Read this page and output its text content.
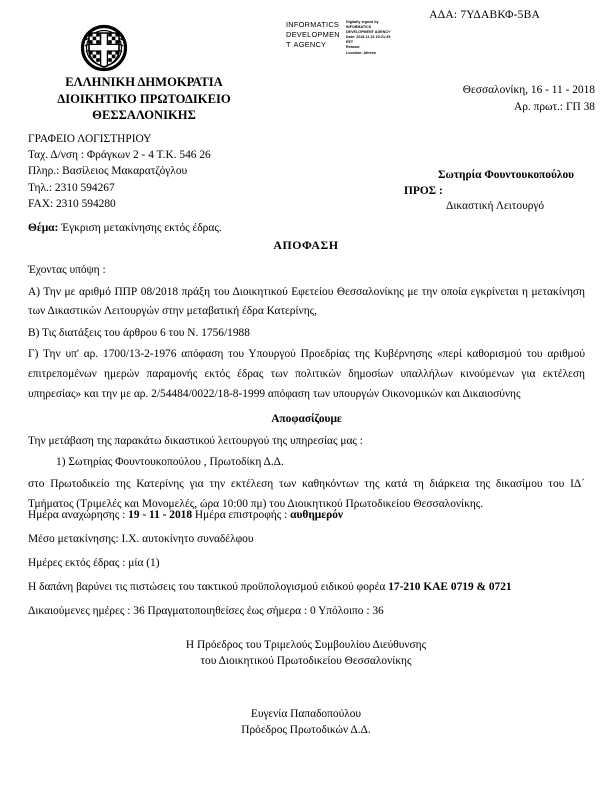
ΑΔΑ: 7ΥΔΑΒΚΦ-5ΒΑ
INFORMATICS
DEVELOPMEN
T AGENCY
Digitally signed by
INFORMATICS
DEVELOPMENT AGENCY
Date: 2018.11.16 15:21:35
EET
Reason:
Location: Athens
ΕΛΛΗΝΙΚΗ ΔΗΜΟΚΡΑΤΙΑ
ΔΙΟΙΚΗΤΙΚΟ ΠΡΩΤΟΔΙΚΕΙΟ
ΘΕΣΣΑΛΟΝΙΚΗΣ
ΓΡΑΦΕΙΟ ΛΟΓΙΣΤΗΡΙΟΥ
Ταχ. Δ/νση : Φράγκων 2 - 4 Τ.Κ. 546 26
Πληρ.: Βασίλειος Μακαρατζόγλου
Τηλ.: 2310 594267
FAX: 2310 594280
Θεσσαλονίκη, 16 - 11 - 2018
Αρ. πρωτ.: ΓΠ 38
Σωτηρία Φουντουκοπούλου
ΠΡΟΣ :
Δικαστική Λειτουργό
Θέμα: Έγκριση μετακίνησης εκτός έδρας.
ΑΠΟΦΑΣΗ

Έχοντας υπόψη :

Α) Την με αριθμό ΠΠΡ 08/2018 πράξη του Διοικητικού Εφετείου Θεσσαλονίκης με την οποία εγκρίνεται η μετακίνηση των Δικαστικών Λειτουργών στην μεταβατική έδρα Κατερίνης,

Β) Τις διατάξεις του άρθρου 6 του Ν. 1756/1988

Γ) Την υπ' αρ. 1700/13-2-1976 απόφαση του Υπουργού Προεδρίας της Κυβέρνησης «περί καθορισμού του αριθμού επιτρεπομένων ημερών παραμονής εκτός έδρας των πολιτικών δημοσίων υπαλλήλων κινούμενων για εκτέλεση υπηρεσίας» και την με αρ. 2/54484/0022/18-8-1999 απόφαση των υπουργών Οικονομικών και Δικαιοσύνης

Αποφασίζουμε

Την μετάβαση της παρακάτω δικαστικού λειτουργού της υπηρεσίας μας :

1) Σωτηρίας Φουντουκοπούλου , Πρωτοδίκη Δ.Δ.

στο Πρωτοδικείο της Κατερίνης για την εκτέλεση των καθηκόντων της κατά τη διάρκεια της δικασίμου του ΙΔ΄ Τμήματος (Τριμελές και Μονομελές, ώρα 10:00 πμ) του Διοικητικού Πρωτοδικείου Θεσσαλονίκης.

Ημέρα αναχώρησης : 19 - 11 - 2018 Ημέρα επιστροφής : αυθημερόν
Μέσο μετακίνησης: Ι.Χ. αυτοκίνητο συναδέλφου
Ημέρες εκτός έδρας : μία (1)
Η δαπάνη βαρύνει τις πιστώσεις του τακτικού προϋπολογισμού ειδικού φορέα 17-210 ΚΑΕ 0719 & 0721
Δικαιούμενες ημέρες : 36 Πραγματοποιηθείσες έως σήμερα : 0 Υπόλοιπο : 36
Η Πρόεδρος του Τριμελούς Συμβουλίου Διεύθυνσης
του Διοικητικού Πρωτοδικείου Θεσσαλονίκης
Ευγενία Παπαδοπούλου
Πρόεδρος Πρωτοδικών Δ.Δ.
